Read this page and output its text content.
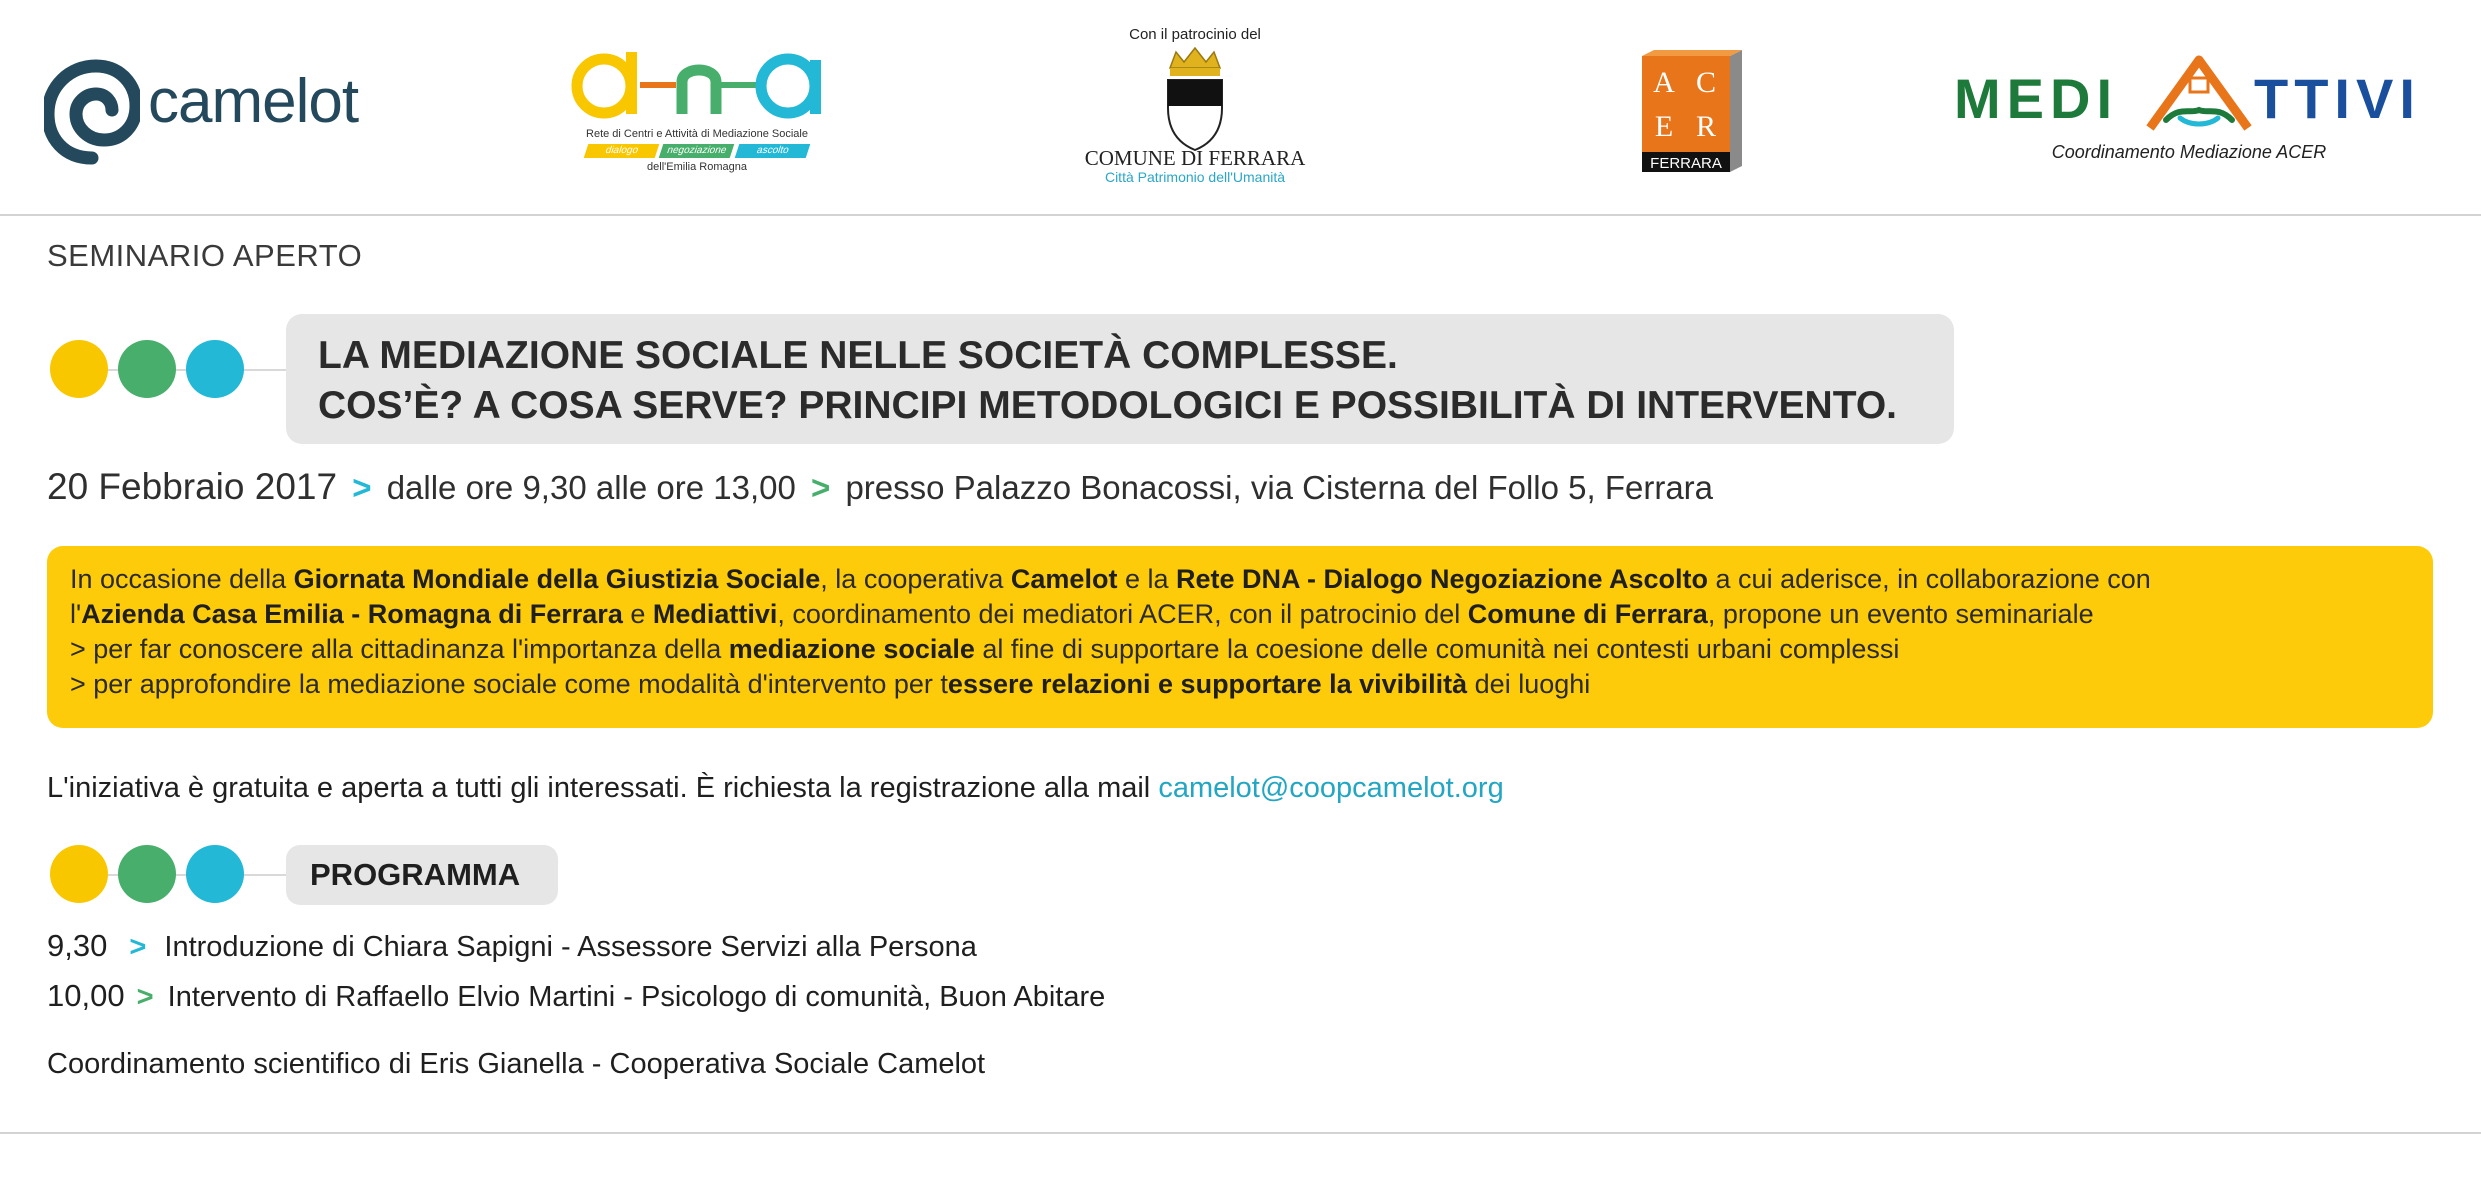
camelot	Rete di Centri e Attività di Mediazione Sociale
dialogo	negoziazione	ascolto
dell'Emilia Romagna
Con il patrocinio del
COMUNE DI FERRARA
Città Patrimonio dell'Umanità
A C
E R
FERRARA
MEDI TTIVI
Coordinamento Mediazione ACER
SEMINARIO APERTO
LA MEDIAZIONE SOCIALE NELLE SOCIETÀ COMPLESSE.
COS’È? A COSA SERVE? PRINCIPI METODOLOGICI E POSSIBILITÀ DI INTERVENTO.
20 Febbraio 2017 > dalle ore 9,30 alle ore 13,00 > presso Palazzo Bonacossi, via Cisterna del Follo 5, Ferrara
In occasione della Giornata Mondiale della Giustizia Sociale, la cooperativa Camelot e la Rete DNA - Dialogo Negoziazione Ascolto a cui aderisce, in collaborazione con
l'Azienda Casa Emilia - Romagna di Ferrara e Mediattivi, coordinamento dei mediatori ACER, con il patrocinio del Comune di Ferrara, propone un evento seminariale
> per far conoscere alla cittadinanza l'importanza della mediazione sociale al fine di supportare la coesione delle comunità nei contesti urbani complessi
> per approfondire la mediazione sociale come modalità d'intervento per tessere relazioni e supportare la vivibilità dei luoghi
L'iniziativa è gratuita e aperta a tutti gli interessati. È richiesta la registrazione alla mail camelot@coopcamelot.org
PROGRAMMA
9,30 > Introduzione di Chiara Sapigni - Assessore Servizi alla Persona
10,00 > Intervento di Raffaello Elvio Martini - Psicologo di comunità, Buon Abitare
Coordinamento scientifico di Eris Gianella - Cooperativa Sociale Camelot
